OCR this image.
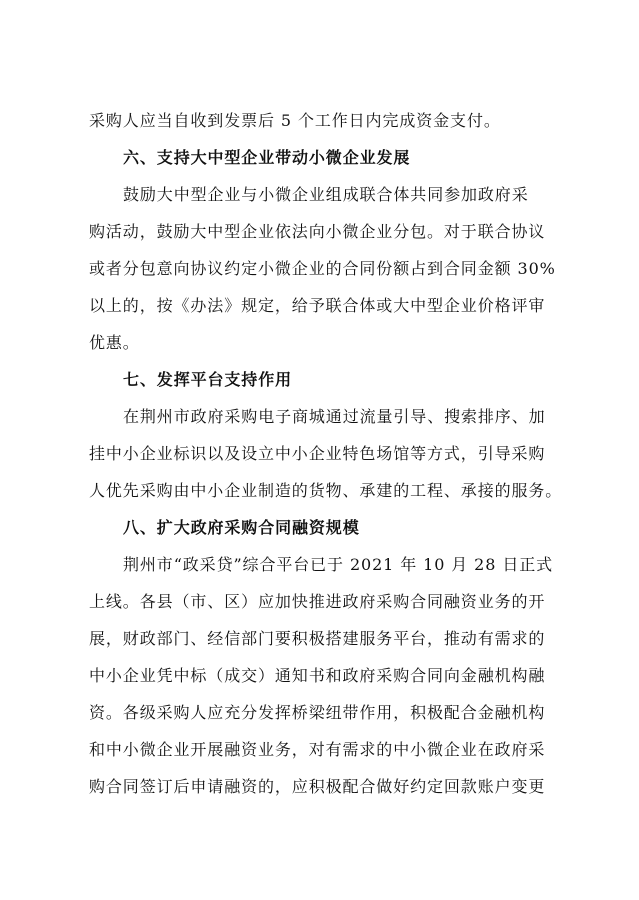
采购人应当自收到发票后 5 个工作日内完成资金支付。
六、支持大中型企业带动小微企业发展
鼓励大中型企业与小微企业组成联合体共同参加政府采
购活动，鼓励大中型企业依法向小微企业分包。对于联合协议
或者分包意向协议约定小微企业的合同份额占到合同金额 30%
以上的，按《办法》规定，给予联合体或大中型企业价格评审
优惠。
七、发挥平台支持作用
在荆州市政府采购电子商城通过流量引导、搜索排序、加
挂中小企业标识以及设立中小企业特色场馆等方式，引导采购
人优先采购由中小企业制造的货物、承建的工程、承接的服务。
八、扩大政府采购合同融资规模
荆州市“政采贷”综合平台已于 2021 年 10 月 28 日正式
上线。各县（市、区）应加快推进政府采购合同融资业务的开
展，财政部门、经信部门要积极搭建服务平台，推动有需求的
中小企业凭中标（成交）通知书和政府采购合同向金融机构融
资。各级采购人应充分发挥桥梁纽带作用，积极配合金融机构
和中小微企业开展融资业务，对有需求的中小微企业在政府采
购合同签订后申请融资的，应积极配合做好约定回款账户变更
